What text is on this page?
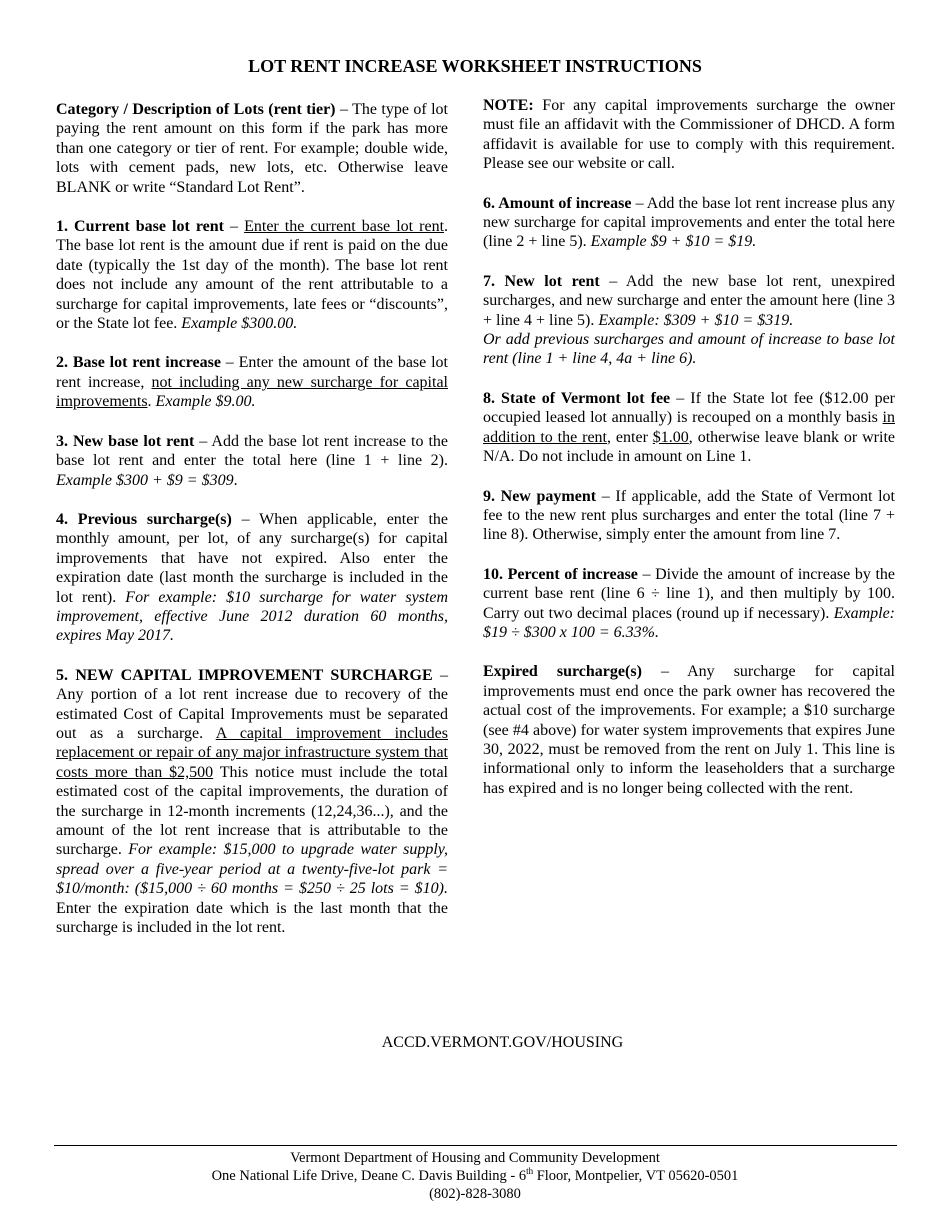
LOT RENT INCREASE WORKSHEET INSTRUCTIONS

Category / Description of Lots (rent tier) – The type of lot paying the rent amount on this form if the park has more than one category or tier of rent. For example; double wide, lots with cement pads, new lots, etc. Otherwise leave BLANK or write “Standard Lot Rent”.

1. Current base lot rent – Enter the current base lot rent. The base lot rent is the amount due if rent is paid on the due date (typically the 1st day of the month). The base lot rent does not include any amount of the rent attributable to a surcharge for capital improvements, late fees or “discounts”, or the State lot fee. Example $300.00.

2. Base lot rent increase – Enter the amount of the base lot rent increase, not including any new surcharge for capital improvements. Example $9.00.

3. New base lot rent – Add the base lot rent increase to the base lot rent and enter the total here (line 1 + line 2). Example $300 + $9 = $309.

4. Previous surcharge(s) – When applicable, enter the monthly amount, per lot, of any surcharge(s) for capital improvements that have not expired. Also enter the expiration date (last month the surcharge is included in the lot rent). For example: $10 surcharge for water system improvement, effective June 2012 duration 60 months, expires May 2017.

5. NEW CAPITAL IMPROVEMENT SURCHARGE – Any portion of a lot rent increase due to recovery of the estimated Cost of Capital Improvements must be separated out as a surcharge. A capital improvement includes replacement or repair of any major infrastructure system that costs more than $2,500 This notice must include the total estimated cost of the capital improvements, the duration of the surcharge in 12-month increments (12,24,36...), and the amount of the lot rent increase that is attributable to the surcharge. For example: $15,000 to upgrade water supply, spread over a five-year period at a twenty-five-lot park = $10/month: ($15,000 ÷ 60 months = $250 ÷ 25 lots = $10). Enter the expiration date which is the last month that the surcharge is included in the lot rent.

NOTE: For any capital improvements surcharge the owner must file an affidavit with the Commissioner of DHCD. A form affidavit is available for use to comply with this requirement. Please see our website or call.

6. Amount of increase – Add the base lot rent increase plus any new surcharge for capital improvements and enter the total here (line 2 + line 5). Example $9 + $10 = $19.

7. New lot rent – Add the new base lot rent, unexpired surcharges, and new surcharge and enter the amount here (line 3 + line 4 + line 5). Example: $309 + $10 = $319.
Or add previous surcharges and amount of increase to base lot rent (line 1 + line 4, 4a + line 6).

8. State of Vermont lot fee – If the State lot fee ($12.00 per occupied leased lot annually) is recouped on a monthly basis in addition to the rent, enter $1.00, otherwise leave blank or write N/A. Do not include in amount on Line 1.

9. New payment – If applicable, add the State of Vermont lot fee to the new rent plus surcharges and enter the total (line 7 + line 8). Otherwise, simply enter the amount from line 7.

10. Percent of increase – Divide the amount of increase by the current base rent (line 6 ÷ line 1), and then multiply by 100. Carry out two decimal places (round up if necessary). Example: $19 ÷ $300 x 100 = 6.33%.

Expired surcharge(s) – Any surcharge for capital improvements must end once the park owner has recovered the actual cost of the improvements. For example; a $10 surcharge (see #4 above) for water system improvements that expires June 30, 2022, must be removed from the rent on July 1. This line is informational only to inform the leaseholders that a surcharge has expired and is no longer being collected with the rent.

ACCD.VERMONT.GOV/HOUSING
Vermont Department of Housing and Community Development
One National Life Drive, Deane C. Davis Building - 6th Floor, Montpelier, VT 05620-0501
(802)-828-3080
